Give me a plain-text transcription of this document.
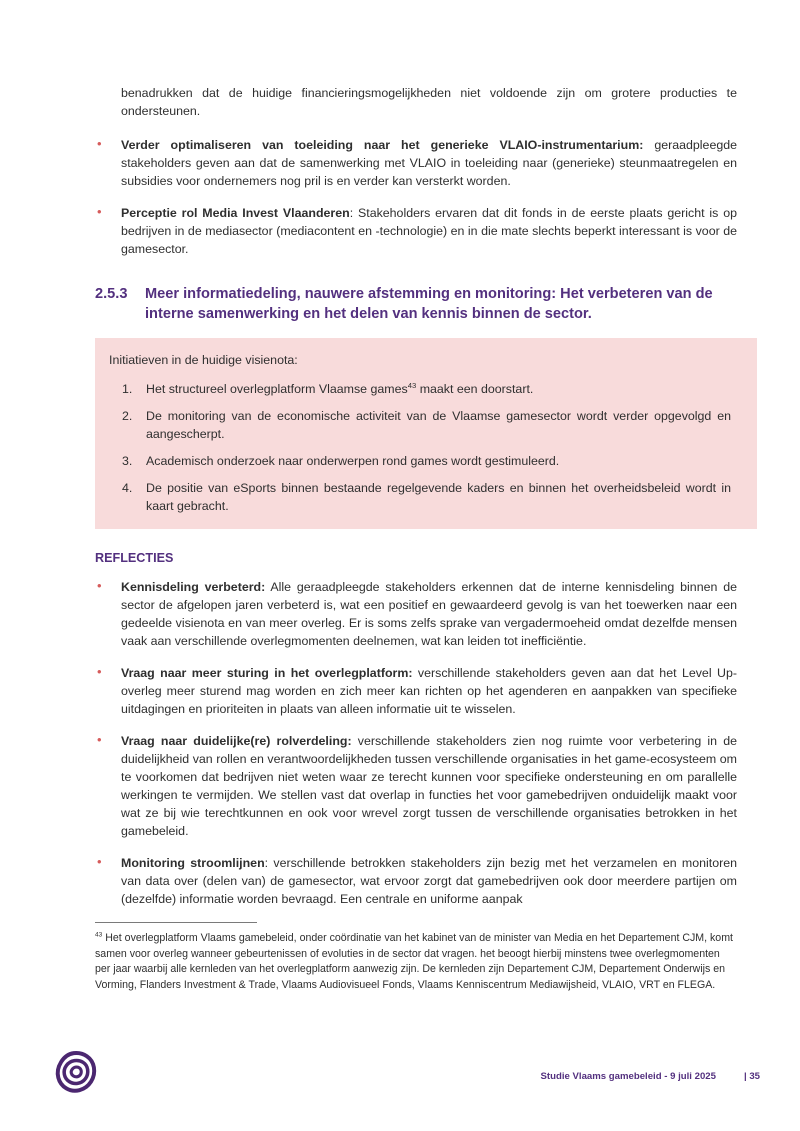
benadrukken dat de huidige financieringsmogelijkheden niet voldoende zijn om grotere producties te ondersteunen.

• Verder optimaliseren van toeleiding naar het generieke VLAIO-instrumentarium: geraadpleegde stakeholders geven aan dat de samenwerking met VLAIO in toeleiding naar (generieke) steunmaatregelen en subsidies voor ondernemers nog pril is en verder kan versterkt worden.
• Perceptie rol Media Invest Vlaanderen: Stakeholders ervaren dat dit fonds in de eerste plaats gericht is op bedrijven in de mediasector (mediacontent en -technologie) en in die mate slechts beperkt interessant is voor de gamesector.
2.5.3	Meer informatiedeling, nauwere afstemming en monitoring: Het verbeteren van de interne samenwerking en het delen van kennis binnen de sector.

Initiatieven in de huidige visienota:

1. Het structureel overlegplatform Vlaamse games$^{43}$ maakt een doorstart.
2. De monitoring van de economische activiteit van de Vlaamse gamesector wordt verder opgevolgd en aangescherpt.
3. Academisch onderzoek naar onderwerpen rond games wordt gestimuleerd.
4. De positie van eSports binnen bestaande regelgevende kaders en binnen het overheidsbeleid wordt in kaart gebracht.
REFLECTIES
• Kennisdeling verbeterd: Alle geraadpleegde stakeholders erkennen dat de interne kennisdeling binnen de sector de afgelopen jaren verbeterd is, wat een positief en gewaardeerd gevolg is van het toewerken naar een gedeelde visienota en van meer overleg. Er is soms zelfs sprake van vergadermoeheid omdat dezelfde mensen vaak aan verschillende overlegmomenten deelnemen, wat kan leiden tot inefficiëntie.
• Vraag naar meer sturing in het overlegplatform: verschillende stakeholders geven aan dat het Level Up-overleg meer sturend mag worden en zich meer kan richten op het agenderen en aanpakken van specifieke uitdagingen en prioriteiten in plaats van alleen informatie uit te wisselen.
• Vraag naar duidelijke(re) rolverdeling: verschillende stakeholders zien nog ruimte voor verbetering in de duidelijkheid van rollen en verantwoordelijkheden tussen verschillende organisaties in het game-ecosysteem om te voorkomen dat bedrijven niet weten waar ze terecht kunnen voor specifieke ondersteuning en om parallelle werkingen te vermijden. We stellen vast dat overlap in functies het voor gamebedrijven onduidelijk maakt voor wat ze bij wie terechtkunnen en ook voor wrevel zorgt tussen de verschillende organisaties betrokken in het gamebeleid.
• Monitoring stroomlijnen: verschillende betrokken stakeholders zijn bezig met het verzamelen en monitoren van data over (delen van) de gamesector, wat ervoor zorgt dat gamebedrijven ook door meerdere partijen om (dezelfde) informatie worden bevraagd. Een centrale en uniforme aanpak

$^{43}$ Het overlegplatform Vlaams gamebeleid, onder coördinatie van het kabinet van de minister van Media en het Departement CJM, komt samen voor overleg wanneer gebeurtenissen of evoluties in de sector dat vragen. het beoogt hierbij minstens twee overlegmomenten per jaar waarbij alle kernleden van het overlegplatform aanwezig zijn. De kernleden zijn Departement CJM, Departement Onderwijs en Vorming, Flanders Investment & Trade, Vlaams Audiovisueel Fonds, Vlaams Kenniscentrum Mediawijsheid, VLAIO, VRT en FLEGA.

Studie Vlaams gamebeleid - 9 juli 2025	| 35
